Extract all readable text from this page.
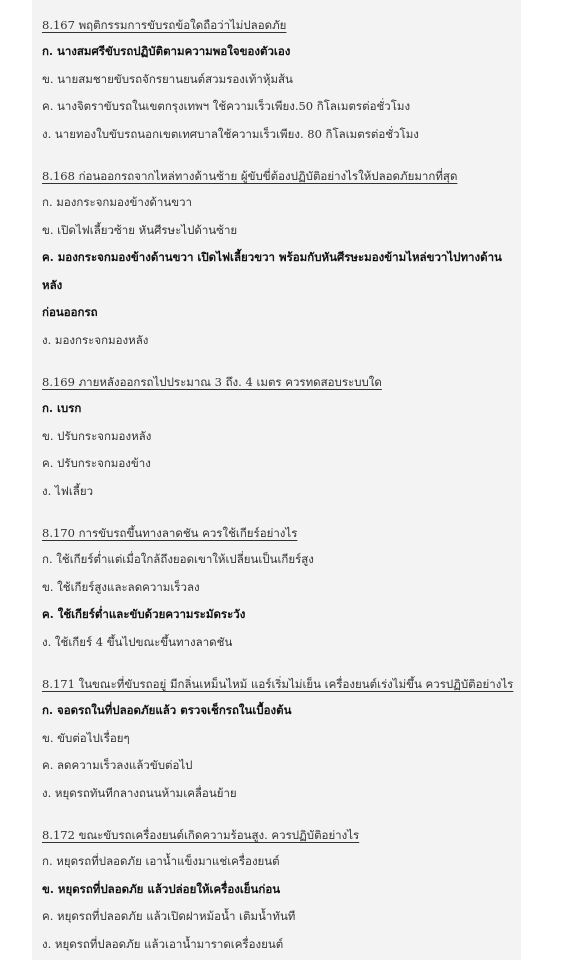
8.167 พฤติกรรมการขับรถข้อใดถือว่าไม่ปลอดภัย
ก. นางสมศรีขับรถปฏิบัติตามความพอใจของตัวเอง
ข. นายสมชายขับรถจักรยานยนต์สวมรองเท้าหุ้มส้น
ค. นางจิตราขับรถในเขตกรุงเทพฯ ใช้ความเร็วเพียง.50 กิโลเมตรต่อชั่วโมง
ง. นายทองใบขับรถนอกเขตเทศบาลใช้ความเร็วเพียง. 80 กิโลเมตรต่อชั่วโมง
8.168 ก่อนออกรถจากไหล่ทางด้านซ้าย ผู้ขับขี่ต้องปฏิบัติอย่างไรให้ปลอดภัยมากที่สุด
ก. มองกระจกมองข้างด้านขวา
ข. เปิดไฟเลี้ยวซ้าย หันศีรษะไปด้านซ้าย
ค. มองกระจกมองข้างด้านขวา เปิดไฟเลี้ยวขวา พร้อมกับหันศีรษะมองข้ามไหล่ขวาไปทางด้านหลัง
ก่อนออกรถ
ง. มองกระจกมองหลัง
8.169 ภายหลังออกรถไปประมาณ 3 ถึง. 4 เมตร ควรทดสอบระบบใด
ก. เบรก
ข. ปรับกระจกมองหลัง
ค. ปรับกระจกมองข้าง
ง. ไฟเลี้ยว
8.170 การขับรถขึ้นทางลาดชัน ควรใช้เกียร์อย่างไร
ก. ใช้เกียร์ต่ำแต่เมื่อใกล้ถึงยอดเขาให้เปลี่ยนเป็นเกียร์สูง
ข. ใช้เกียร์สูงและลดความเร็วลง
ค. ใช้เกียร์ต่ำและขับด้วยความระมัดระวัง
ง. ใช้เกียร์ 4 ขึ้นไปขณะขึ้นทางลาดชัน
8.171 ในขณะที่ขับรถอยู่ มีกลิ่นเหม็นไหม้ แอร์เริ่มไม่เย็น เครื่องยนต์เร่งไม่ขึ้น ควรปฏิบัติอย่างไร
ก. จอดรถในที่ปลอดภัยแล้ว ตรวจเช็กรถในเบื้องต้น
ข. ขับต่อไปเรื่อยๆ
ค. ลดความเร็วลงแล้วขับต่อไป
ง. หยุดรถทันทีกลางถนนห้ามเคลื่อนย้าย
8.172 ขณะขับรถเครื่องยนต์เกิดความร้อนสูง. ควรปฏิบัติอย่างไร
ก. หยุดรถที่ปลอดภัย เอาน้ำแข็งมาแช่เครื่องยนต์
ข. หยุดรถที่ปลอดภัย แล้วปล่อยให้เครื่องเย็นก่อน
ค. หยุดรถที่ปลอดภัย แล้วเปิดฝาหม้อน้ำ เติมน้ำทันที
ง. หยุดรถที่ปลอดภัย แล้วเอาน้ำมาราดเครื่องยนต์
